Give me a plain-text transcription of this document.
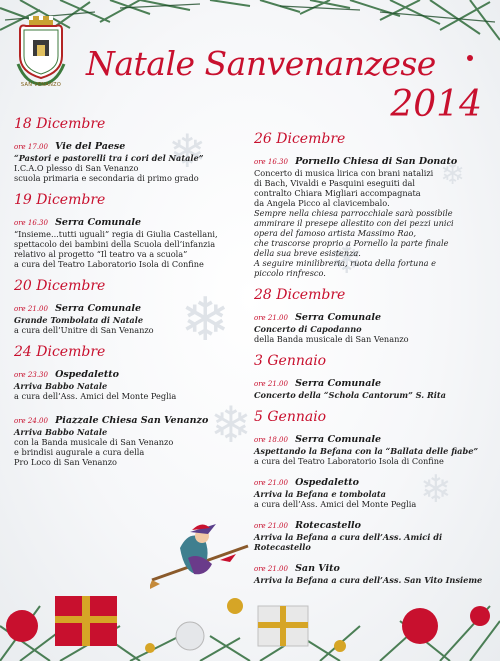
❄
❄
❄
❄
❄
❄
SAN VENANZO
Natale Sanvenanzese
2014

18 Dicembre

ore 17.00 Vie del Paese
“Pastori e pastorelli tra i cori del Natale”
I.C.A.O plesso di San Venanzo
scuola primaria e secondaria di primo grado

19 Dicembre

ore 16.30 Serra Comunale
“Insieme...tutti uguali” regia di Giulia Castellani,
spettacolo dei bambini della Scuola dell’infanzia
relativo al progetto “Il teatro va a scuola”
a cura del Teatro Laboratorio Isola di Confine

20 Dicembre

ore 21.00 Serra Comunale
Grande Tombolata di Natale
a cura dell’Unitre di San Venanzo

24 Dicembre

ore 23.30 Ospedaletto
Arriva Babbo Natale
a cura dell’Ass. Amici del Monte Peglia
ore 24.00 Piazzale Chiesa San Venanzo
Arriva Babbo Natale
con la Banda musicale di San Venanzo
e brindisi augurale a cura della
Pro Loco di San Venanzo

26 Dicembre

ore 16.30 Pornello Chiesa di San Donato
Concerto di musica lirica con brani natalizi
di Bach, Vivaldi e Pasquini eseguiti dal
contralto Chiara Migliari accompagnata
da Angela Picco al clavicembalo.
Sempre nella chiesa parrocchiale sarà possibile
ammirare il presepe allestito con dei pezzi unici
opera del famoso artista Massimo Rao,
che trascorse proprio a Pornello la parte finale
della sua breve esistenza.
A seguire minilibreria, ruota della fortuna e
piccolo rinfresco.

28 Dicembre

ore 21.00 Serra Comunale
Concerto di Capodanno
della Banda musicale di San Venanzo

3 Gennaio

ore 21.00 Serra Comunale
Concerto della “Schola Cantorum” S. Rita

5 Gennaio

ore 18.00 Serra Comunale
Aspettando la Befana con la “Ballata delle fiabe”
a cura del Teatro Laboratorio Isola di Confine
ore 21.00 Ospedaletto
Arriva la Befana e tombolata
a cura dell’Ass. Amici del Monte Peglia
ore 21.00 Rotecastello
Arriva la Befana a cura dell’Ass. Amici di Rotecastello
ore 21.00 San Vito
Arriva la Befana a cura dell’Ass. San Vito Insieme
